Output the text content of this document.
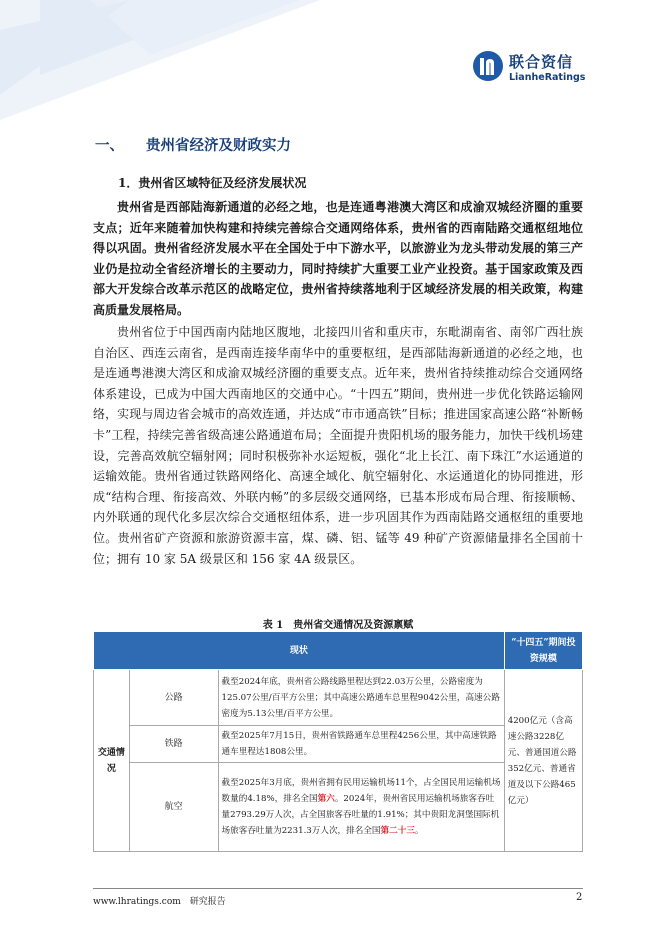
联合资信
LianheRatings
一、 贵州省经济及财政实力
1．贵州省区域特征及经济发展状况

贵州省是西部陆海新通道的必经之地，也是连通粤港澳大湾区和成渝双城经济圈的重要支点；近年来随着加快构建和持续完善综合交通网络体系，贵州省的西南陆路交通枢纽地位得以巩固。贵州省经济发展水平在全国处于中下游水平，以旅游业为龙头带动发展的第三产业仍是拉动全省经济增长的主要动力，同时持续扩大重要工业产业投资。基于国家政策及西部大开发综合改革示范区的战略定位，贵州省持续落地利于区域经济发展的相关政策，构建高质量发展格局。

贵州省位于中国西南内陆地区腹地，北接四川省和重庆市，东毗湖南省、南邻广西壮族自治区、西连云南省，是西南连接华南华中的重要枢纽，是西部陆海新通道的必经之地，也是连通粤港澳大湾区和成渝双城经济圈的重要支点。近年来，贵州省持续推动综合交通网络体系建设，已成为中国大西南地区的交通中心。“十四五”期间，贵州进一步优化铁路运输网络，实现与周边省会城市的高效连通，并达成“市市通高铁”目标；推进国家高速公路“补断畅卡”工程，持续完善省级高速公路通道布局；全面提升贵阳机场的服务能力，加快干线机场建设，完善高效航空辐射网；同时积极弥补水运短板，强化“北上长江、南下珠江”水运通道的运输效能。贵州省通过铁路网络化、高速全域化、航空辐射化、水运通道化的协同推进，形成“结构合理、衔接高效、外联内畅”的多层级交通网络，已基本形成布局合理、衔接顺畅、内外联通的现代化多层次综合交通枢纽体系，进一步巩固其作为西南陆路交通枢纽的重要地位。贵州省矿产资源和旅游资源丰富，煤、磷、铝、锰等 49 种矿产资源储量排名全国前十位；拥有 10 家 5A 级景区和 156 家 4A 级景区。

表 1　贵州省交通情况及资源禀赋
现状			“十四五”期间投资规模
交通情况	公路	截至2024年底，贵州省公路线路里程达到22.03万公里，公路密度为125.07公里/百平方公里；其中高速公路通车总里程9042公里，高速公路密度为5.13公里/百平方公里。	4200亿元（含高速公路3228亿元、普通国道公路352亿元、普通省道及以下公路465亿元）
	铁路	截至2025年7月15日，贵州省铁路通车总里程4256公里，其中高速铁路通车里程达1808公里。	
	航空	截至2025年3月底，贵州省拥有民用运输机场11个，占全国民用运输机场数量的4.18%，排名全国第六。2024年，贵州省民用运输机场旅客吞吐量2793.29万人次，占全国旅客吞吐量的1.91%；其中贵阳龙洞堡国际机场旅客吞吐量为2231.3万人次，排名全国第二十三。	
www.lhratings.com　研究报告	2
